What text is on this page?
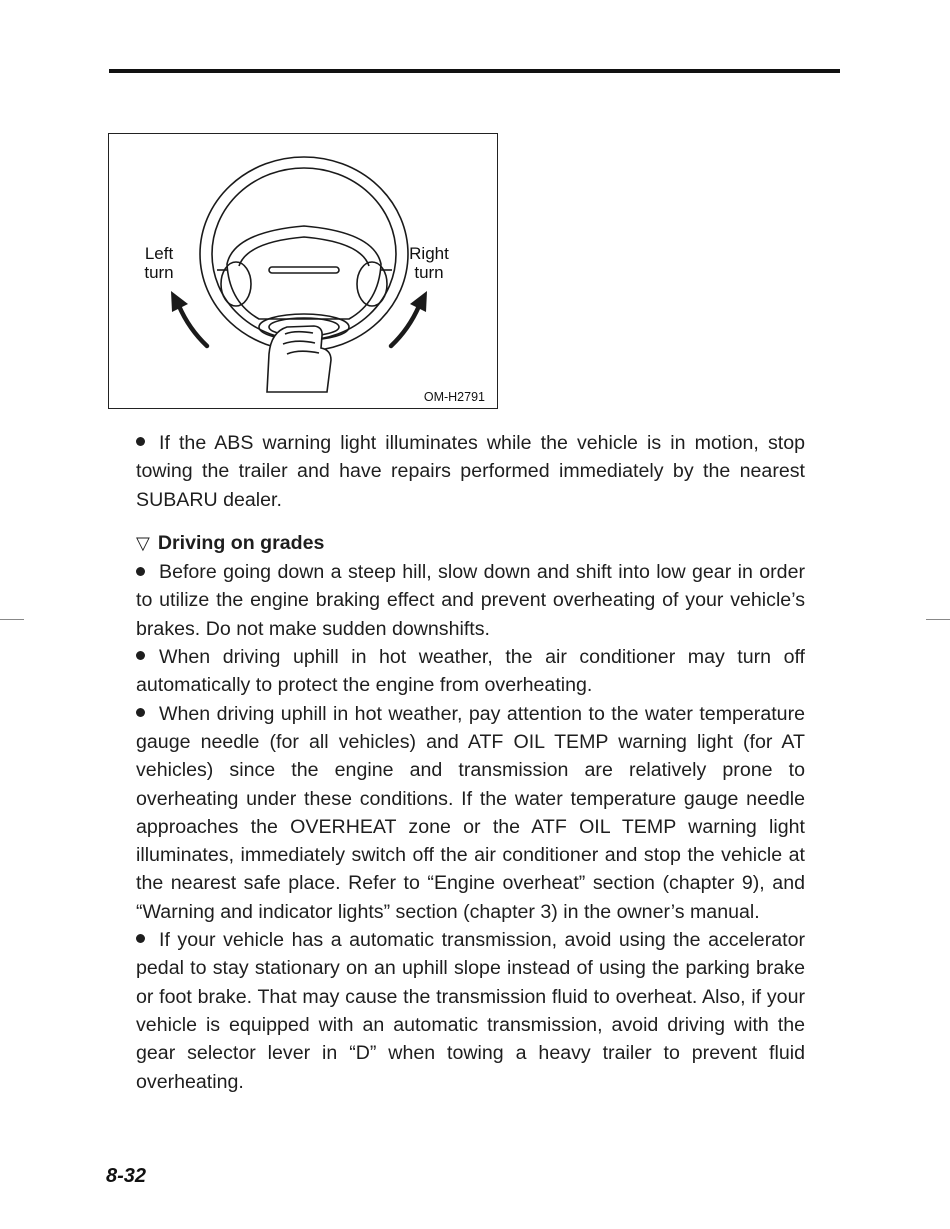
Left
turn
Right
turn
OM-H2791

If the ABS warning light illuminates while the vehicle is in motion, stop towing the trailer and have repairs performed immediately by the nearest SUBARU dealer.

▽ Driving on grades

Before going down a steep hill, slow down and shift into low gear in order to utilize the engine braking effect and prevent overheating of your vehicle’s brakes. Do not make sudden downshifts.

When driving uphill in hot weather, the air conditioner may turn off automatically to protect the engine from overheating.

When driving uphill in hot weather, pay attention to the water temperature gauge needle (for all vehicles) and ATF OIL TEMP warning light (for AT vehicles) since the engine and transmission are relatively prone to overheating under these conditions. If the water temperature gauge needle approaches the OVERHEAT zone or the ATF OIL TEMP warning light illuminates, immediately switch off the air conditioner and stop the vehicle at the nearest safe place. Refer to “Engine overheat” section (chapter 9), and “Warning and indicator lights” section (chapter 3) in the owner’s manual.

If your vehicle has a automatic transmission, avoid using the accelerator pedal to stay stationary on an uphill slope instead of using the parking brake or foot brake. That may cause the transmission fluid to overheat. Also, if your vehicle is equipped with an automatic transmission, avoid driving with the gear selector lever in “D” when towing a heavy trailer to prevent fluid overheating.

8-32
